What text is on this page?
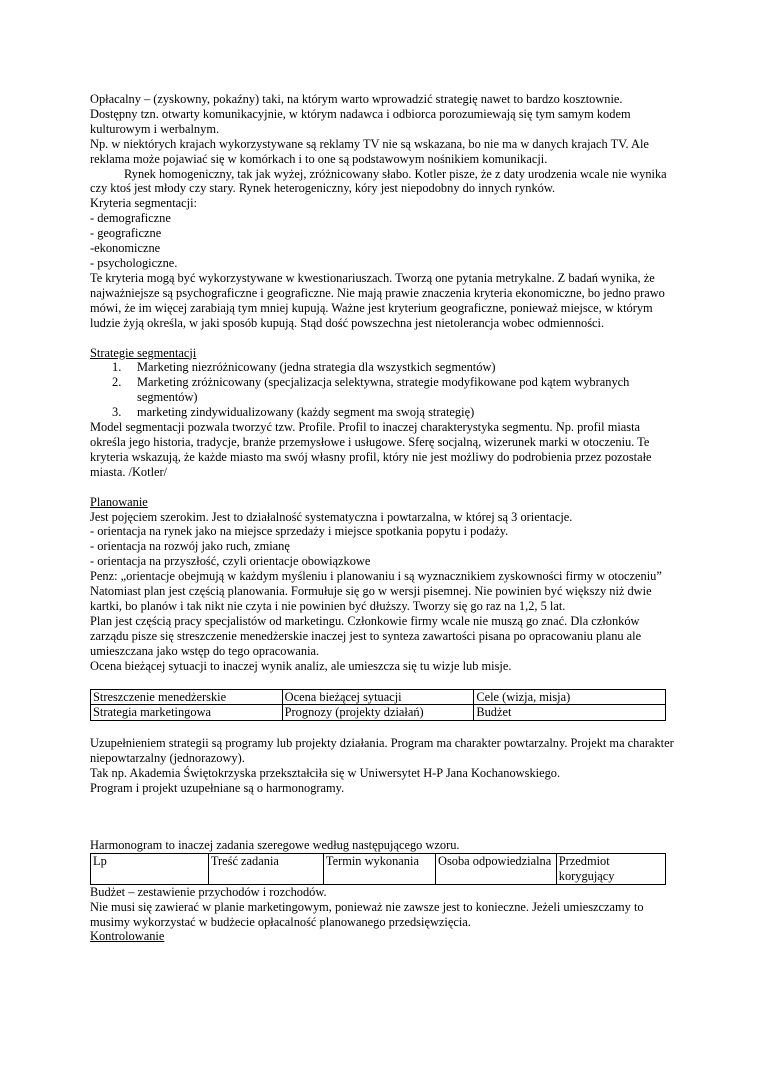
Opłacalny – (zyskowny, pokaźny) taki, na którym warto wprowadzić strategię nawet to bardzo kosztownie.

Dostępny tzn. otwarty komunikacyjnie, w którym nadawca i odbiorca porozumiewają się tym samym kodem kulturowym i werbalnym.

Np. w niektórych krajach wykorzystywane są reklamy TV nie są wskazana, bo nie ma w danych krajach TV. Ale reklama może pojawiać się w komórkach i to one są podstawowym nośnikiem komunikacji.

Rynek homogeniczny, tak jak wyżej, zróżnicowany słabo. Kotler pisze, że z daty urodzenia wcale nie wynika czy ktoś jest młody czy stary. Rynek heterogeniczny, kóry jest niepodobny do innych rynków.

Kryteria segmentacji:

- demograficzne

- geograficzne

-ekonomiczne

- psychologiczne.

Te kryteria mogą być wykorzystywane w kwestionariuszach. Tworzą one pytania metrykalne. Z badań wynika, że najważniejsze są psychograficzne i geograficzne. Nie mają prawie znaczenia kryteria ekonomiczne, bo jedno prawo mówi, że im więcej zarabiają tym mniej kupują. Ważne jest kryterium geograficzne, ponieważ miejsce, w którym ludzie żyją określa, w jaki sposób kupują. Stąd dość powszechna jest nietolerancja wobec odmienności.

Strategie segmentacji

1. Marketing niezróżnicowany (jedna strategia dla wszystkich segmentów)
2. Marketing zróżnicowany (specjalizacja selektywna, strategie modyfikowane pod kątem wybranych segmentów)
3. marketing zindywidualizowany (każdy segment ma swoją strategię)

Model segmentacji pozwala tworzyć tzw. Profile. Profil to inaczej charakterystyka segmentu. Np. profil miasta określa jego historia, tradycje, branże przemysłowe i usługowe. Sferę socjalną, wizerunek marki w otoczeniu. Te kryteria wskazują, że każde miasto ma swój własny profil, który nie jest możliwy do podrobienia przez pozostałe miasta. /Kotler/

Planowanie

Jest pojęciem szerokim. Jest to działalność systematyczna i powtarzalna, w której są 3 orientacje.

- orientacja na rynek jako na miejsce sprzedaży i miejsce spotkania popytu i podaży.

- orientacja na rozwój jako ruch, zmianę

- orientacja na przyszłość, czyli orientacje obowiązkowe

Penz: „orientacje obejmują w każdym myśleniu i planowaniu i są wyznacznikiem zyskowności firmy w otoczeniu”

Natomiast plan jest częścią planowania. Formułuje się go w wersji pisemnej. Nie powinien być większy niż dwie kartki, bo planów i tak nikt nie czyta i nie powinien być dłuższy. Tworzy się go raz na 1,2, 5 lat.

Plan jest częścią pracy specjalistów od marketingu. Członkowie firmy wcale nie muszą go znać. Dla członków zarządu pisze się streszczenie menedżerskie inaczej jest to synteza zawartości pisana po opracowaniu planu ale umieszczana jako wstęp do tego opracowania.

Ocena bieżącej sytuacji to inaczej wynik analiz, ale umieszcza się tu wizje lub misje.

Streszczenie menedżerskie	Ocena bieżącej sytuacji	Cele (wizja, misja)
Strategia marketingowa	Prognozy (projekty działań)	Budżet

Uzupełnieniem strategii są programy lub projekty działania. Program ma charakter powtarzalny. Projekt ma charakter niepowtarzalny (jednorazowy).

Tak np. Akademia Świętokrzyska przekształciła się w Uniwersytet H-P Jana Kochanowskiego.

Program i projekt uzupełniane są o harmonogramy.

Harmonogram to inaczej zadania szeregowe według następującego wzoru.

Lp	Treść zadania	Termin wykonania	Osoba odpowiedzialna	Przedmiot korygujący

Budżet – zestawienie przychodów i rozchodów.

Nie musi się zawierać w planie marketingowym, ponieważ nie zawsze jest to konieczne. Jeżeli umieszczamy to musimy wykorzystać w budżecie opłacalność planowanego przedsięwzięcia.

Kontrolowanie
